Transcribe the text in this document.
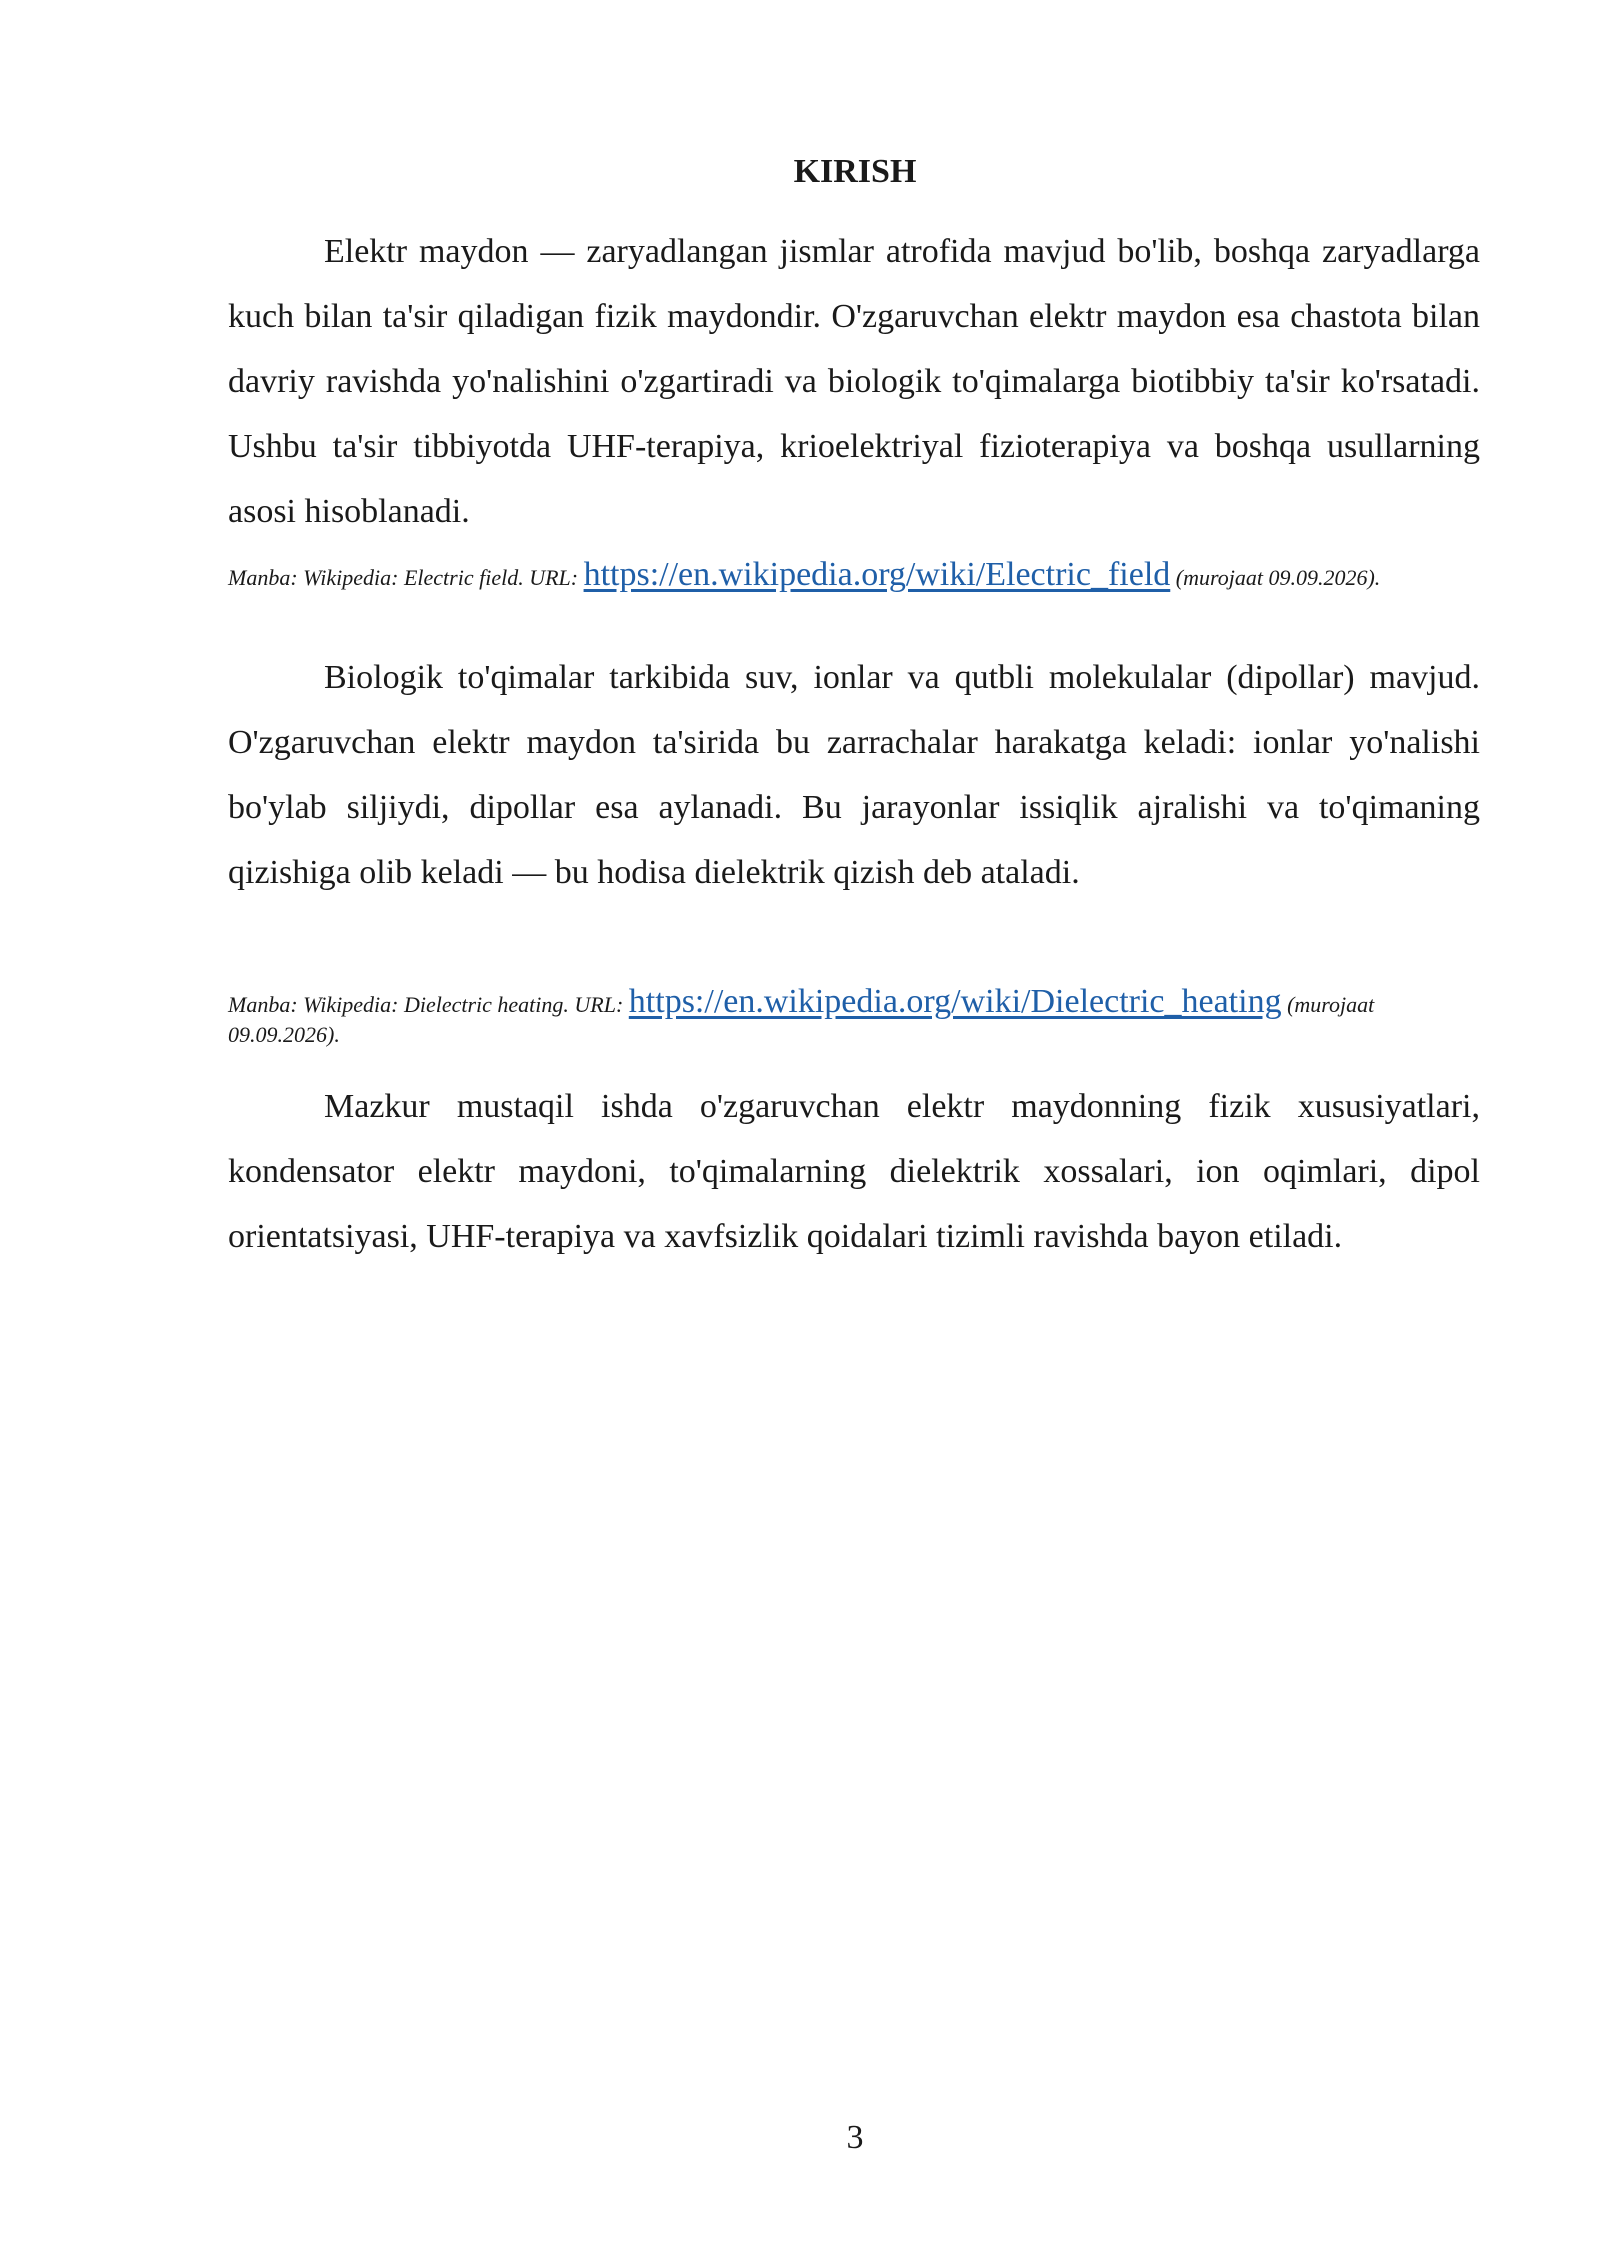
KIRISH

Elektr maydon — zaryadlangan jismlar atrofida mavjud bo'lib, boshqa zaryadlarga kuch bilan ta'sir qiladigan fizik maydondir. O'zgaruvchan elektr maydon esa chastota bilan davriy ravishda yo'nalishini o'zgartiradi va biologik to'qimalarga biotibbiy ta'sir ko'rsatadi. Ushbu ta'sir tibbiyotda UHF-terapiya, krioelektriyal fizioterapiya va boshqa usullarning asosi hisoblanadi.

Manba: Wikipedia: Electric field. URL: https://en.wikipedia.org/wiki/Electric_field (murojaat 09.09.2026).

Biologik to'qimalar tarkibida suv, ionlar va qutbli molekulalar (dipollar) mavjud. O'zgaruvchan elektr maydon ta'sirida bu zarrachalar harakatga keladi: ionlar yo'nalishi bo'ylab siljiydi, dipollar esa aylanadi. Bu jarayonlar issiqlik ajralishi va to'qimaning qizishiga olib keladi — bu hodisa dielektrik qizish deb ataladi.

Manba: Wikipedia: Dielectric heating. URL: https://en.wikipedia.org/wiki/Dielectric_heating (murojaat 09.09.2026).

Mazkur mustaqil ishda o'zgaruvchan elektr maydonning fizik xususiyatlari, kondensator elektr maydoni, to'qimalarning dielektrik xossalari, ion oqimlari, dipol orientatsiyasi, UHF-terapiya va xavfsizlik qoidalari tizimli ravishda bayon etiladi.

3
